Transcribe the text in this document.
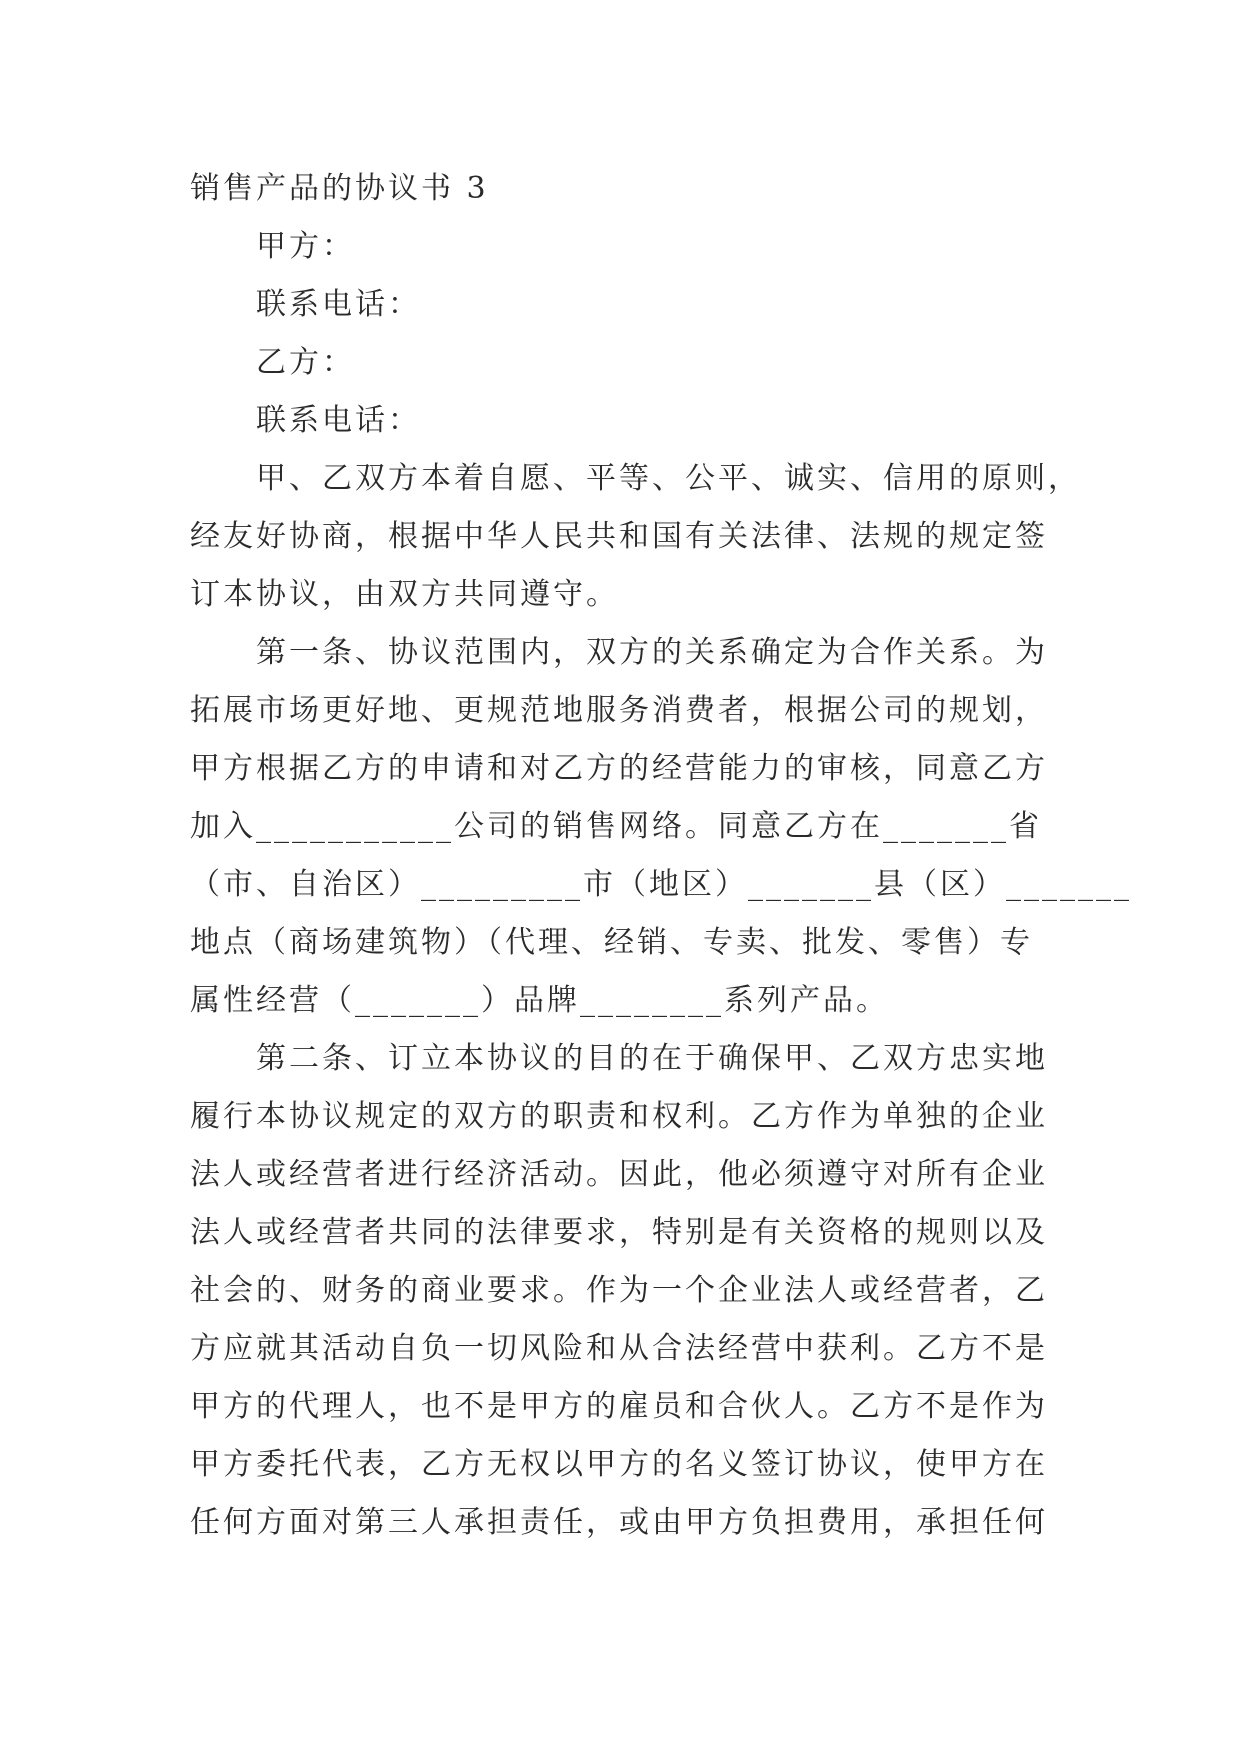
销售产品的协议书 3
甲方：
联系电话：
乙方：
联系电话：
甲、乙双方本着自愿、平等、公平、诚实、信用的原则，
经友好协商，根据中华人民共和国有关法律、法规的规定签
订本协议，由双方共同遵守。
第一条、协议范围内，双方的关系确定为合作关系。为
拓展市场更好地、更规范地服务消费者，根据公司的规划，
甲方根据乙方的申请和对乙方的经营能力的审核，同意乙方
加入___________公司的销售网络。同意乙方在_______省
（市、自治区）_________市（地区）_______县（区）_______
地点（商场建筑物）（代理、经销、专卖、批发、零售）专
属性经营（_______）品牌________系列产品。
第二条、订立本协议的目的在于确保甲、乙双方忠实地
履行本协议规定的双方的职责和权利。乙方作为单独的企业
法人或经营者进行经济活动。因此，他必须遵守对所有企业
法人或经营者共同的法律要求，特别是有关资格的规则以及
社会的、财务的商业要求。作为一个企业法人或经营者，乙
方应就其活动自负一切风险和从合法经营中获利。乙方不是
甲方的代理人，也不是甲方的雇员和合伙人。乙方不是作为
甲方委托代表，乙方无权以甲方的名义签订协议，使甲方在
任何方面对第三人承担责任，或由甲方负担费用，承担任何
